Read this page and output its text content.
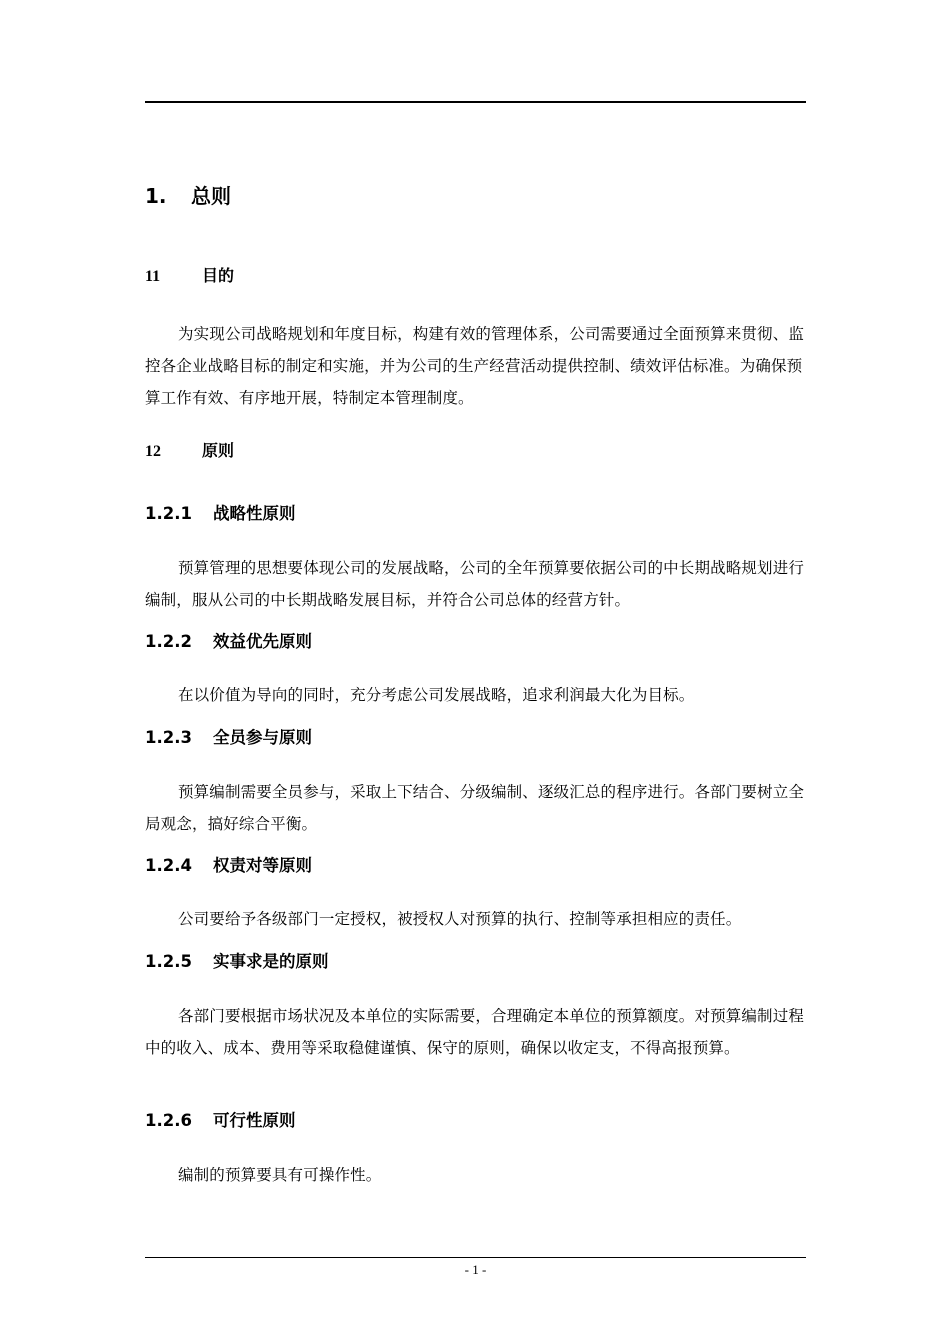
1. 总则
11	目的
为实现公司战略规划和年度目标，构建有效的管理体系，公司需要通过全面预算来贯彻、监控各企业战略目标的制定和实施，并为公司的生产经营活动提供控制、绩效评估标准。为确保预算工作有效、有序地开展，特制定本管理制度。
12	原则
1.2.1 战略性原则
预算管理的思想要体现公司的发展战略，公司的全年预算要依据公司的中长期战略规划进行编制，服从公司的中长期战略发展目标，并符合公司总体的经营方针。
1.2.2 效益优先原则
在以价值为导向的同时，充分考虑公司发展战略，追求利润最大化为目标。
1.2.3 全员参与原则
预算编制需要全员参与，采取上下结合、分级编制、逐级汇总的程序进行。各部门要树立全局观念，搞好综合平衡。
1.2.4 权责对等原则
公司要给予各级部门一定授权，被授权人对预算的执行、控制等承担相应的责任。
1.2.5 实事求是的原则
各部门要根据市场状况及本单位的实际需要，合理确定本单位的预算额度。对预算编制过程中的收入、成本、费用等采取稳健谨慎、保守的原则，确保以收定支，不得高报预算。
1.2.6 可行性原则
编制的预算要具有可操作性。
- 1 -
